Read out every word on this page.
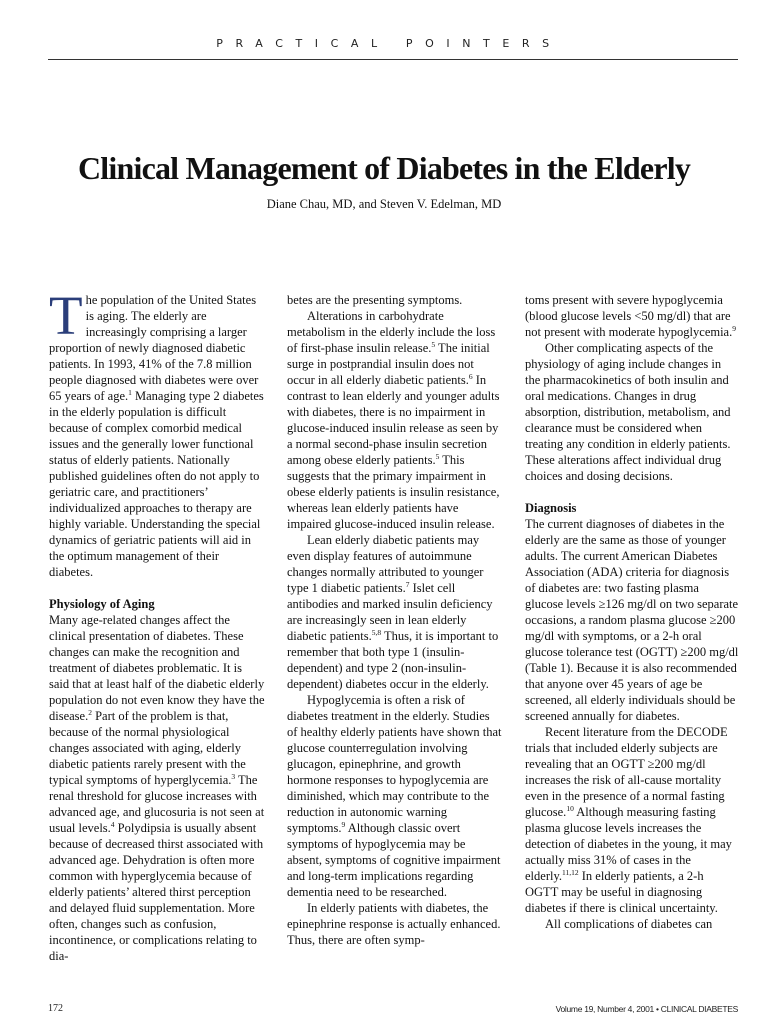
PRACTICAL POINTERS
Clinical Management of Diabetes in the Elderly
Diane Chau, MD, and Steven V. Edelman, MD

The population of the United States is aging. The elderly are increasingly comprising a larger proportion of newly diagnosed diabetic patients. In 1993, 41% of the 7.8 million people diagnosed with diabetes were over 65 years of age.$^1$ Managing type 2 diabetes in the elderly population is difficult because of complex comorbid medical issues and the generally lower functional status of elderly patients. Nationally published guidelines often do not apply to geriatric care, and practitioners’ individualized approaches to therapy are highly variable. Understanding the special dynamics of geriatric patients will aid in the optimum management of their diabetes.

Physiology of Aging

Many age-related changes affect the clinical presentation of diabetes. These changes can make the recognition and treatment of diabetes problematic. It is said that at least half of the diabetic elderly population do not even know they have the disease.$^2$ Part of the problem is that, because of the normal physiological changes associated with aging, elderly diabetic patients rarely present with the typical symptoms of hyperglycemia.$^3$ The renal threshold for glucose increases with advanced age, and glucosuria is not seen at usual levels.$^4$ Polydipsia is usually absent because of decreased thirst associated with advanced age. Dehydration is often more common with hyperglycemia because of elderly patients’ altered thirst perception and delayed fluid supplementation. More often, changes such as confusion, incontinence, or complications relating to dia-

betes are the presenting symptoms.

Alterations in carbohydrate metabolism in the elderly include the loss of first-phase insulin release.$^5$ The initial surge in postprandial insulin does not occur in all elderly diabetic patients.$^6$ In contrast to lean elderly and younger adults with diabetes, there is no impairment in glucose-induced insulin release as seen by a normal second-phase insulin secretion among obese elderly patients.$^5$ This suggests that the primary impairment in obese elderly patients is insulin resistance, whereas lean elderly patients have impaired glucose-induced insulin release.

Lean elderly diabetic patients may even display features of autoimmune changes normally attributed to younger type 1 diabetic patients.$^7$ Islet cell antibodies and marked insulin deficiency are increasingly seen in lean elderly diabetic patients.$^{5,8}$ Thus, it is important to remember that both type 1 (insulin-dependent) and type 2 (non-insulin-dependent) diabetes occur in the elderly.

Hypoglycemia is often a risk of diabetes treatment in the elderly. Studies of healthy elderly patients have shown that glucose counterregulation involving glucagon, epinephrine, and growth hormone responses to hypoglycemia are diminished, which may contribute to the reduction in autonomic warning symptoms.$^9$ Although classic overt symptoms of hypoglycemia may be absent, symptoms of cognitive impairment and long-term implications regarding dementia need to be researched.

In elderly patients with diabetes, the epinephrine response is actually enhanced. Thus, there are often symp-

toms present with severe hypoglycemia (blood glucose levels <50 mg/dl) that are not present with moderate hypoglycemia.$^9$

Other complicating aspects of the physiology of aging include changes in the pharmacokinetics of both insulin and oral medications. Changes in drug absorption, distribution, metabolism, and clearance must be considered when treating any condition in elderly patients. These alterations affect individual drug choices and dosing decisions.

Diagnosis

The current diagnoses of diabetes in the elderly are the same as those of younger adults. The current American Diabetes Association (ADA) criteria for diagnosis of diabetes are: two fasting plasma glucose levels ≥126 mg/dl on two separate occasions, a random plasma glucose ≥200 mg/dl with symptoms, or a 2-h oral glucose tolerance test (OGTT) ≥200 mg/dl (Table 1). Because it is also recommended that anyone over 45 years of age be screened, all elderly individuals should be screened annually for diabetes.

Recent literature from the DECODE trials that included elderly subjects are revealing that an OGTT ≥200 mg/dl increases the risk of all-cause mortality even in the presence of a normal fasting glucose.$^{10}$ Although measuring fasting plasma glucose levels increases the detection of diabetes in the young, it may actually miss 31% of cases in the elderly.$^{11,12}$ In elderly patients, a 2-h OGTT may be useful in diagnosing diabetes if there is clinical uncertainty.

All complications of diabetes can

172	Volume 19, Number 4, 2001 • CLINICAL DIABETES
